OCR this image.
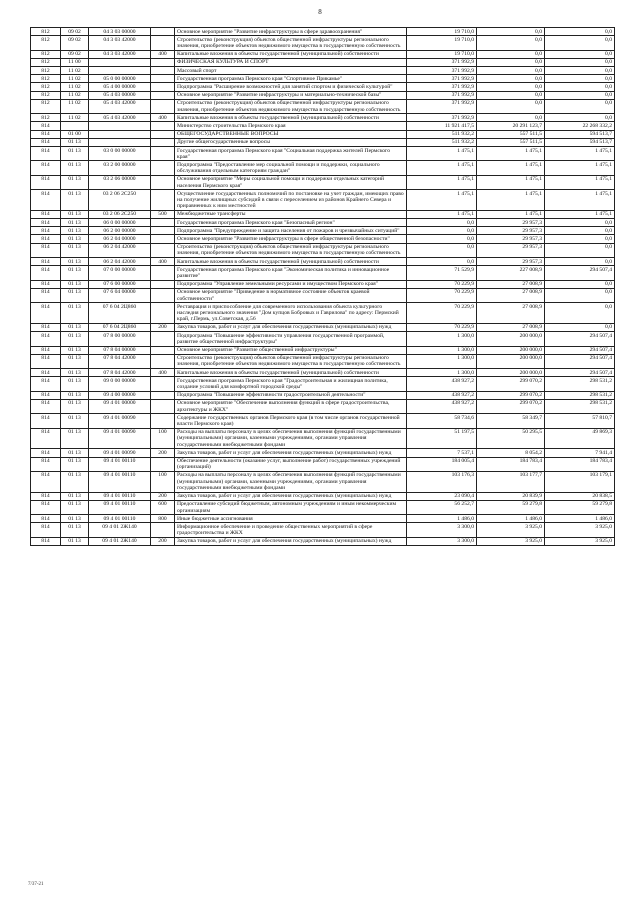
8
812	09 02	04 3 03 00000		Основное мероприятие "Развитие инфраструктуры в сфере здравоохранения"	19 710,0	0,0	0,0
812	09 02	04 3 03 42000		Строительство (реконструкция) объектов общественной инфраструктуры регионального значения, приобретение объектов недвижимого имущества в государственную собственность	19 710,0	0,0	0,0
812	09 02	04 3 03 42000	400	Капитальные вложения в объекты государственной (муниципальной) собственности	19 710,0	0,0	0,0
812	11 00			ФИЗИЧЕСКАЯ КУЛЬТУРА И СПОРТ	371 992,9	0,0	0,0
812	11 02			Массовый спорт	371 992,9	0,0	0,0
812	11 02	05 0 00 00000		Государственная программа Пермского края "Спортивное Прикамье"	371 992,9	0,0	0,0
812	11 02	05 4 00 00000		Подпрограмма "Расширение возможностей для занятий спортом и физической культурой"	371 992,9	0,0	0,0
812	11 02	05 4 03 00000		Основное мероприятие "Развитие инфраструктуры и материально-технической базы"	371 992,9	0,0	0,0
812	11 02	05 4 03 42000		Строительство (реконструкция) объектов общественной инфраструктуры регионального значения, приобретение объектов недвижимого имущества в государственную собственность	371 992,9	0,0	0,0
812	11 02	05 4 03 42000	400	Капитальные вложения в объекты государственной (муниципальной) собственности	371 992,9	0,0	0,0
814				Министерство строительства Пермского края	11 921 417,5	20 291 123,7	22 268 332,2
814	01 00			ОБЩЕГОСУДАРСТВЕННЫЕ ВОПРОСЫ	511 932,2	557 511,5	594 513,7
814	01 13			Другие общегосударственные вопросы	511 932,2	557 511,5	594 513,7
814	01 13	03 0 00 00000		Государственная программа Пермского края "Социальная поддержка жителей Пермского края"	1 475,1	1 475,1	1 475,1
814	01 13	03 2 00 00000		Подпрограмма "Предоставление мер социальной помощи и поддержки, социального обслуживания отдельным категориям граждан"	1 475,1	1 475,1	1 475,1
814	01 13	03 2 06 00000		Основное мероприятие "Меры социальной помощи и поддержки отдельных категорий населения Пермского края"	1 475,1	1 475,1	1 475,1
814	01 13	03 2 06 2C250		Осуществление государственных полномочий по постановке на учет граждан, имеющих право на получение жилищных субсидий в связи с переселением из районов Крайнего Севера и приравненных к ним местностей	1 475,1	1 475,1	1 475,1
814	01 13	03 2 06 2C250	500	Межбюджетные трансферты	1 475,1	1 475,1	1 475,1
814	01 13	06 0 00 00000		Государственная программа Пермского края "Безопасный регион"	0,0	29 957,3	0,0
814	01 13	06 2 00 00000		Подпрограмма "Предупреждение и защита населения от пожаров и чрезвычайных ситуаций"	0,0	29 957,3	0,0
814	01 13	06 2 04 00000		Основное мероприятие "Развитие инфраструктуры в сфере общественной безопасности"	0,0	29 957,3	0,0
814	01 13	06 2 04 42000		Строительство (реконструкция) объектов общественной инфраструктуры регионального значения, приобретение объектов недвижимого имущества в государственную собственность	0,0	29 957,3	0,0
814	01 13	06 2 04 42000	400	Капитальные вложения в объекты государственной (муниципальной) собственности	0,0	29 957,3	0,0
814	01 13	07 0 00 00000		Государственная программа Пермского края "Экономическая политика и инновационное развитие"	71 529,9	227 008,9	294 507,4
814	01 13	07 6 00 00000		Подпрограмма "Управление земельными ресурсами и имуществом Пермского края"	70 229,9	27 008,9	0,0
814	01 13	07 6 04 00000		Основное мероприятие "Приведение в нормативное состояние объектов краевой собственности"	70 229,9	27 008,9	0,0
814	01 13	07 6 04 2Ц860		Реставрация и приспособление для современного использования объекта культурного наследия регионального значения "Дом купцов Бобровых и Гаврилова" по адресу: Пермский край, г.Пермь, ул.Советская, д.56	70 229,9	27 008,9	0,0
814	01 13	07 6 04 2Ц860	200	Закупка товаров, работ и услуг для обеспечения государственных (муниципальных) нужд	70 229,9	27 008,9	0,0
814	01 13	07 8 00 00000		Подпрограмма "Повышение эффективности управления государственной программой, развитие общественной инфраструктуры"	1 300,0	200 000,0	294 507,4
814	01 13	07 8 04 00000		Основное мероприятие "Развитие общественной инфраструктуры"	1 300,0	200 000,0	294 507,4
814	01 13	07 8 04 42000		Строительство (реконструкция) объектов общественной инфраструктуры регионального значения, приобретение объектов недвижимого имущества в государственную собственность	1 300,0	200 000,0	294 507,4
814	01 13	07 8 04 42000	400	Капитальные вложения в объекты государственной (муниципальной) собственности	1 300,0	200 000,0	294 507,4
814	01 13	09 0 00 00000		Государственная программа Пермского края "Градостроительная и жилищная политика, создание условий для комфортной городской среды"	438 927,2	299 070,2	298 531,2
814	01 13	09 4 00 00000		Подпрограмма "Повышение эффективности градостроительной деятельности"	438 927,2	299 070,2	298 531,2
814	01 13	09 4 01 00000		Основное мероприятие "Обеспечение выполнения функций в сфере градостроительства, архитектуры и ЖКХ"	438 927,2	299 070,2	298 531,2
814	01 13	09 4 01 00090		Содержание государственных органов Пермского края (в том числе органов государственной власти Пермского края)	58 734,6	58 349,7	57 810,7
814	01 13	09 4 01 00090	100	Расходы на выплаты персоналу в целях обеспечения выполнения функций государственными (муниципальными) органами, казенными учреждениями, органами управления государственными внебюджетными фондами	51 197,5	50 295,5	49 869,3
814	01 13	09 4 01 00090	200	Закупка товаров, работ и услуг для обеспечения государственных (муниципальных) нужд	7 537,1	8 054,2	7 941,4
814	01 13	09 4 01 00110		Обеспечение деятельности (оказание услуг, выполнение работ) государственных учреждений (организаций)	184 005,4	184 783,4	184 783,4
814	01 13	09 4 01 00110	100	Расходы на выплаты персоналу в целях обеспечения выполнения функций государственными (муниципальными) органами, казенными учреждениями, органами управления государственными внебюджетными фондами	103 176,3	103 177,7	103 179,1
814	01 13	09 4 01 00110	200	Закупка товаров, работ и услуг для обеспечения государственных (муниципальных) нужд	23 090,4	20 839,9	20 838,5
814	01 13	09 4 01 00110	600	Предоставление субсидий бюджетным, автономным учреждениям и иным некоммерческим организациям	56 252,7	59 279,8	59 279,8
814	01 13	09 4 01 00110	800	Иные бюджетные ассигнования	1 486,0	1 486,0	1 486,0
814	01 13	09 4 01 2Ж140		Информационное обеспечение и проведение общественных мероприятий в сфере градостроительства и ЖКХ	3 300,0	3 925,0	3 925,0
814	01 13	09 4 01 2Ж140	200	Закупка товаров, работ и услуг для обеспечения государственных (муниципальных) нужд	3 300,0	3 925,0	3 925,0
7/37-21
